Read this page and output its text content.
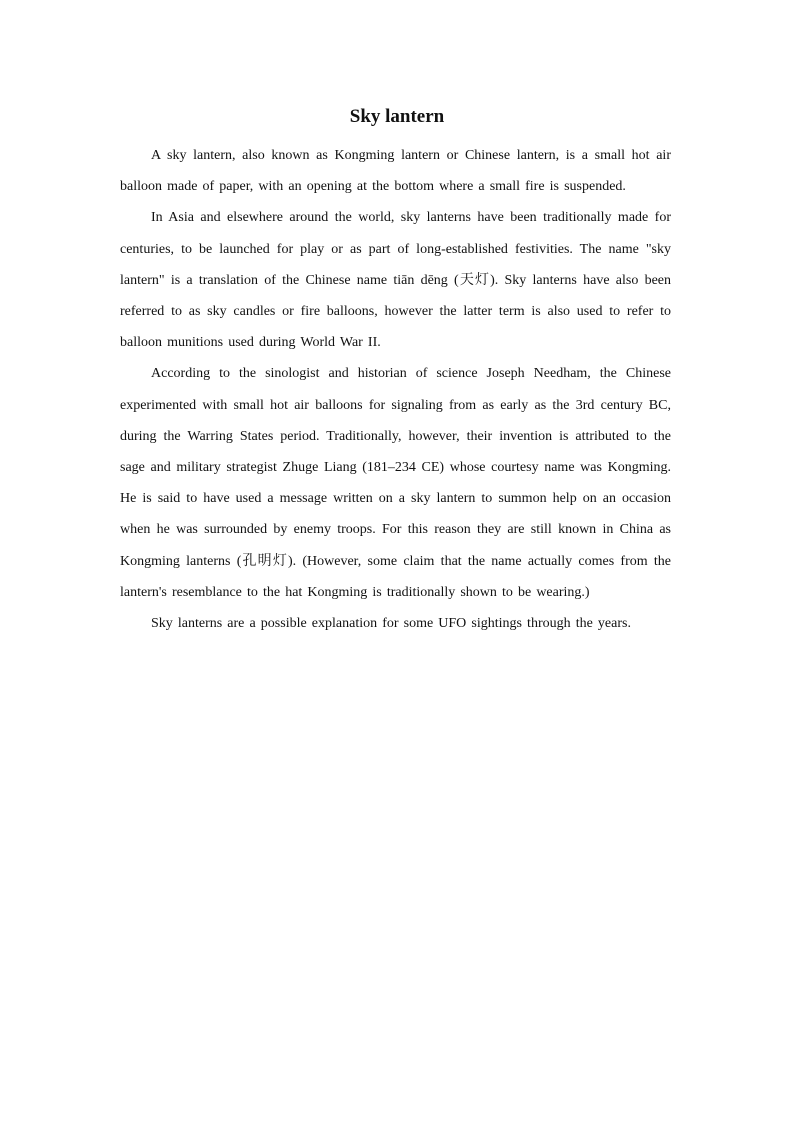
Sky lantern

A sky lantern, also known as Kongming lantern or Chinese lantern, is a small hot air balloon made of paper, with an opening at the bottom where a small fire is suspended.

In Asia and elsewhere around the world, sky lanterns have been traditionally made for centuries, to be launched for play or as part of long-established festivities. The name "sky lantern" is a translation of the Chinese name tiān dēng (天灯). Sky lanterns have also been referred to as sky candles or fire balloons, however the latter term is also used to refer to balloon munitions used during World War II.

According to the sinologist and historian of science Joseph Needham, the Chinese experimented with small hot air balloons for signaling from as early as the 3rd century BC, during the Warring States period. Traditionally, however, their invention is attributed to the sage and military strategist Zhuge Liang (181–234 CE) whose courtesy name was Kongming. He is said to have used a message written on a sky lantern to summon help on an occasion when he was surrounded by enemy troops. For this reason they are still known in China as Kongming lanterns (孔明灯). (However, some claim that the name actually comes from the lantern's resemblance to the hat Kongming is traditionally shown to be wearing.)

Sky lanterns are a possible explanation for some UFO sightings through the years.
